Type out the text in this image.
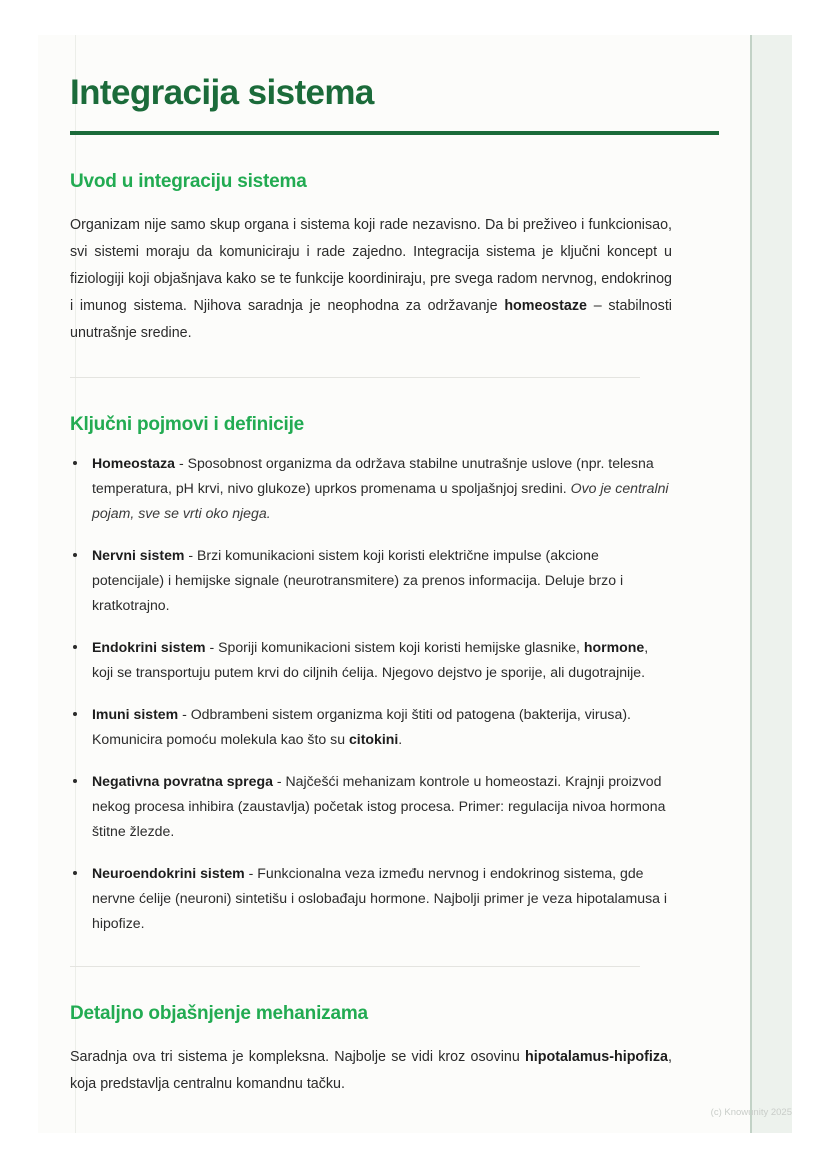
Integracija sistema
Uvod u integraciju sistema

Organizam nije samo skup organa i sistema koji rade nezavisno. Da bi preživeo i funkcionisao, svi sistemi moraju da komuniciraju i rade zajedno. Integracija sistema je ključni koncept u fiziologiji koji objašnjava kako se te funkcije koordiniraju, pre svega radom nervnog, endokrinog i imunog sistema. Njihova saradnja je neophodna za održavanje homeostaze – stabilnosti unutrašnje sredine.

Ključni pojmovi i definicije
Homeostaza - Sposobnost organizma da održava stabilne unutrašnje uslove (npr. telesna temperatura, pH krvi, nivo glukoze) uprkos promenama u spoljašnjoj sredini. Ovo je centralni pojam, sve se vrti oko njega.
Nervni sistem - Brzi komunikacioni sistem koji koristi električne impulse (akcione potencijale) i hemijske signale (neurotransmitere) za prenos informacija. Deluje brzo i kratkotrajno.
Endokrini sistem - Sporiji komunikacioni sistem koji koristi hemijske glasnike, hormone, koji se transportuju putem krvi do ciljnih ćelija. Njegovo dejstvo je sporije, ali dugotrajnije.
Imuni sistem - Odbrambeni sistem organizma koji štiti od patogena (bakterija, virusa). Komunicira pomoću molekula kao što su citokini.
Negativna povratna sprega - Najčešći mehanizam kontrole u homeostazi. Krajnji proizvod nekog procesa inhibira (zaustavlja) početak istog procesa. Primer: regulacija nivoa hormona štitne žlezde.
Neuroendokrini sistem - Funkcionalna veza između nervnog i endokrinog sistema, gde nervne ćelije (neuroni) sintetišu i oslobađaju hormone. Najbolji primer je veza hipotalamusa i hipofize.
Detaljno objašnjenje mehanizama

Saradnja ova tri sistema je kompleksna. Najbolje se vidi kroz osovinu hipotalamus-hipofiza, koja predstavlja centralnu komandnu tačku.

(c) Knowunity 2025
